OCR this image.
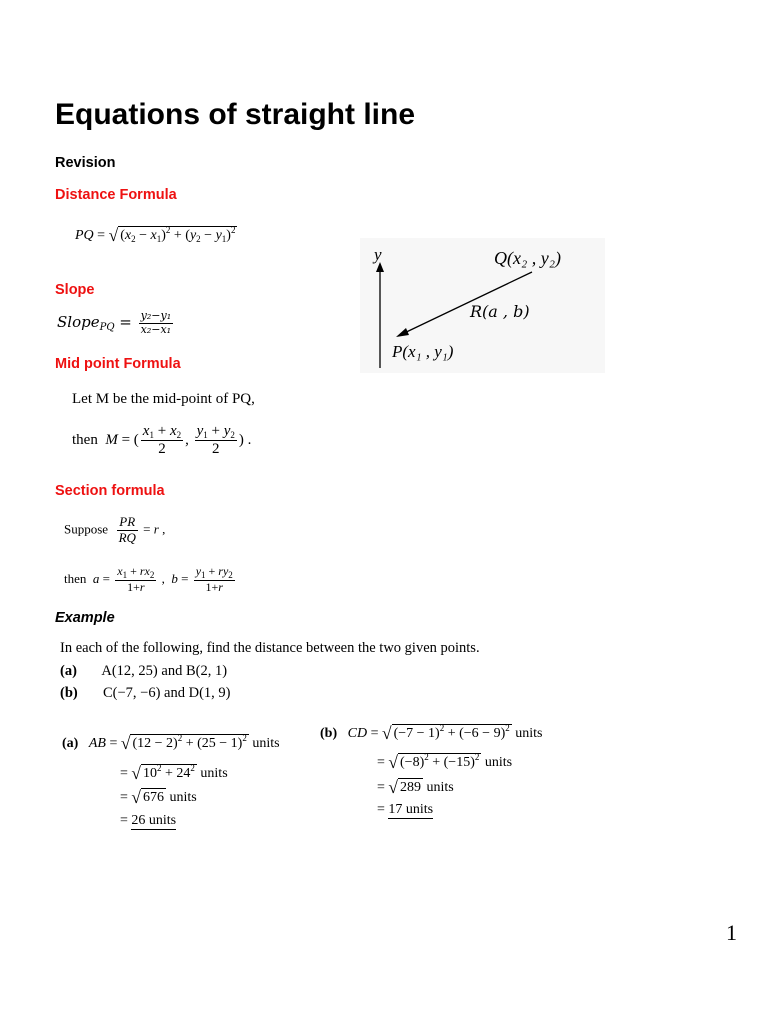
Equations of straight line
Revision
Distance Formula
PQ = √ $(x_2 - x_1)^2 + (y_2 - y_1)^2$
Slope
Slope$_{PQ}$ = $\frac{\text{y₂−y₁}}{\text{x₂−x₁}}$
Mid point Formula
Let M be the mid-point of PQ,
then M = ( $\frac{x_1 + x_2}{2}$ , $\frac{y_1 + y_2}{2}$ ) .
Section formula
Suppose $\frac{PR}{RQ} = r$ ,
then $a = \frac{x_1 + rx_2}{1+r}$ ,  $b = \frac{y_1 + ry_2}{1+r}$
Example
In each of the following, find the distance between the two given points.
(a) A(12, 25) and B(2, 1)
(b) C(−7, −6) and D(1, 9)
(a) AB = √ $(12 - 2)^2 + (25 - 1)^2$ units
= √ $10^2 + 24^2$ units
= √ 676 units
= 26 units
(b) CD = √ $(-7 - 1)^2 + (-6 - 9)^2$ units
= √ $(-8)^2 + (-15)^2$ units
= √ 289 units
= 17 units
y	Q(x₂ , y₂)
R(a , b)
P(x₁ , y₁)
1
